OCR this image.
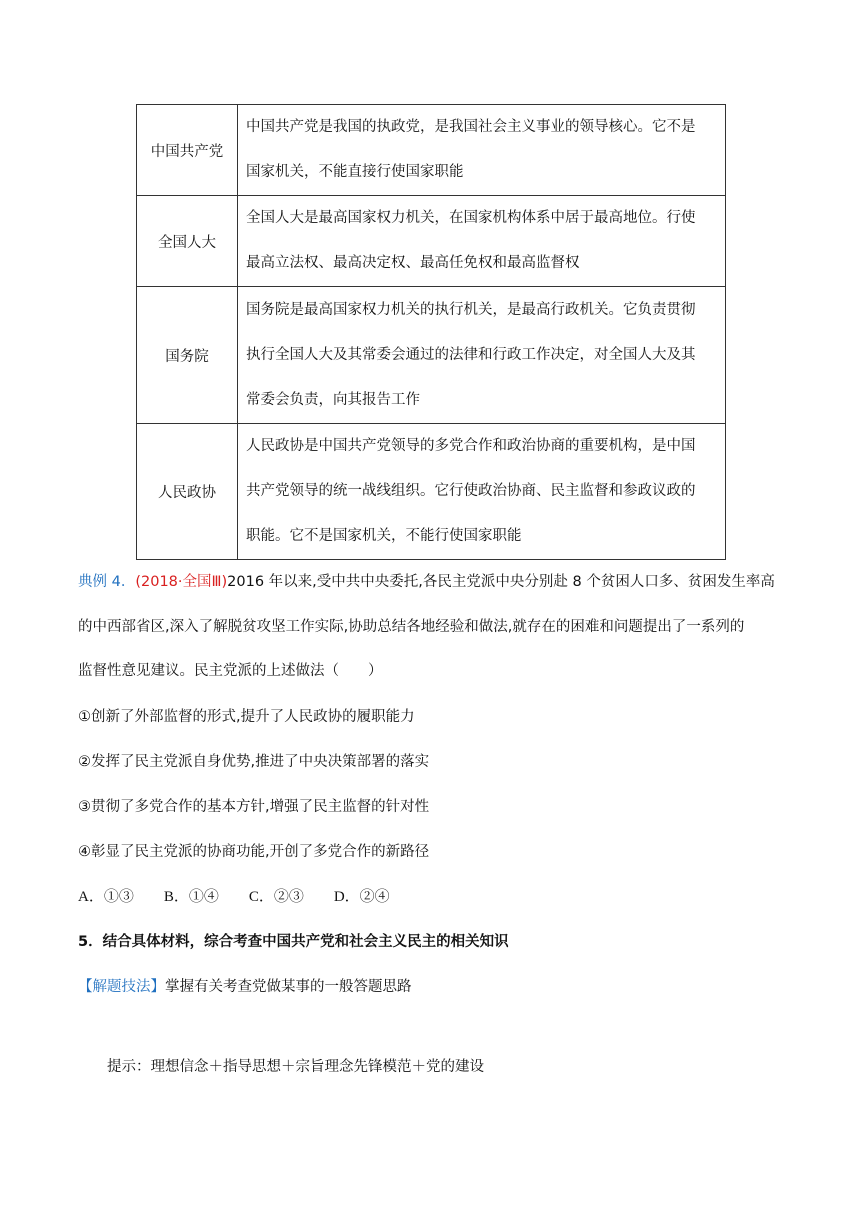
中国共产党	中国共产党是我国的执政党，是我国社会主义事业的领导核心。它不是
国家机关，不能直接行使国家职能

全国人大	全国人大是最高国家权力机关，在国家机构体系中居于最高地位。行使
最高立法权、最高决定权、最高任免权和最高监督权

国务院	国务院是最高国家权力机关的执行机关，是最高行政机关。它负责贯彻
执行全国人大及其常委会通过的法律和行政工作决定，对全国人大及其
常委会负责，向其报告工作

人民政协	人民政协是中国共产党领导的多党合作和政治协商的重要机构，是中国
共产党领导的统一战线组织。它行使政治协商、民主监督和参政议政的
职能。它不是国家机关，不能行使国家职能
典例 4．(2018·全国Ⅲ)2016 年以来,受中共中央委托,各民主党派中央分别赴 8 个贫困人口多、贫困发生率高
的中西部省区,深入了解脱贫攻坚工作实际,协助总结各地经验和做法,就存在的困难和问题提出了一系列的
监督性意见建议。民主党派的上述做法（　　）
①创新了外部监督的形式,提升了人民政协的履职能力
②发挥了民主党派自身优势,推进了中央决策部署的落实
③贯彻了多党合作的基本方针,增强了民主监督的针对性
④彰显了民主党派的协商功能,开创了多党合作的新路径
A．①③　　B．①④　　C．②③　　D．②④
5．结合具体材料，综合考查中国共产党和社会主义民主的相关知识
【解题技法】掌握有关考查党做某事的一般答题思路
提示：理想信念＋指导思想＋宗旨理念先锋模范＋党的建设
